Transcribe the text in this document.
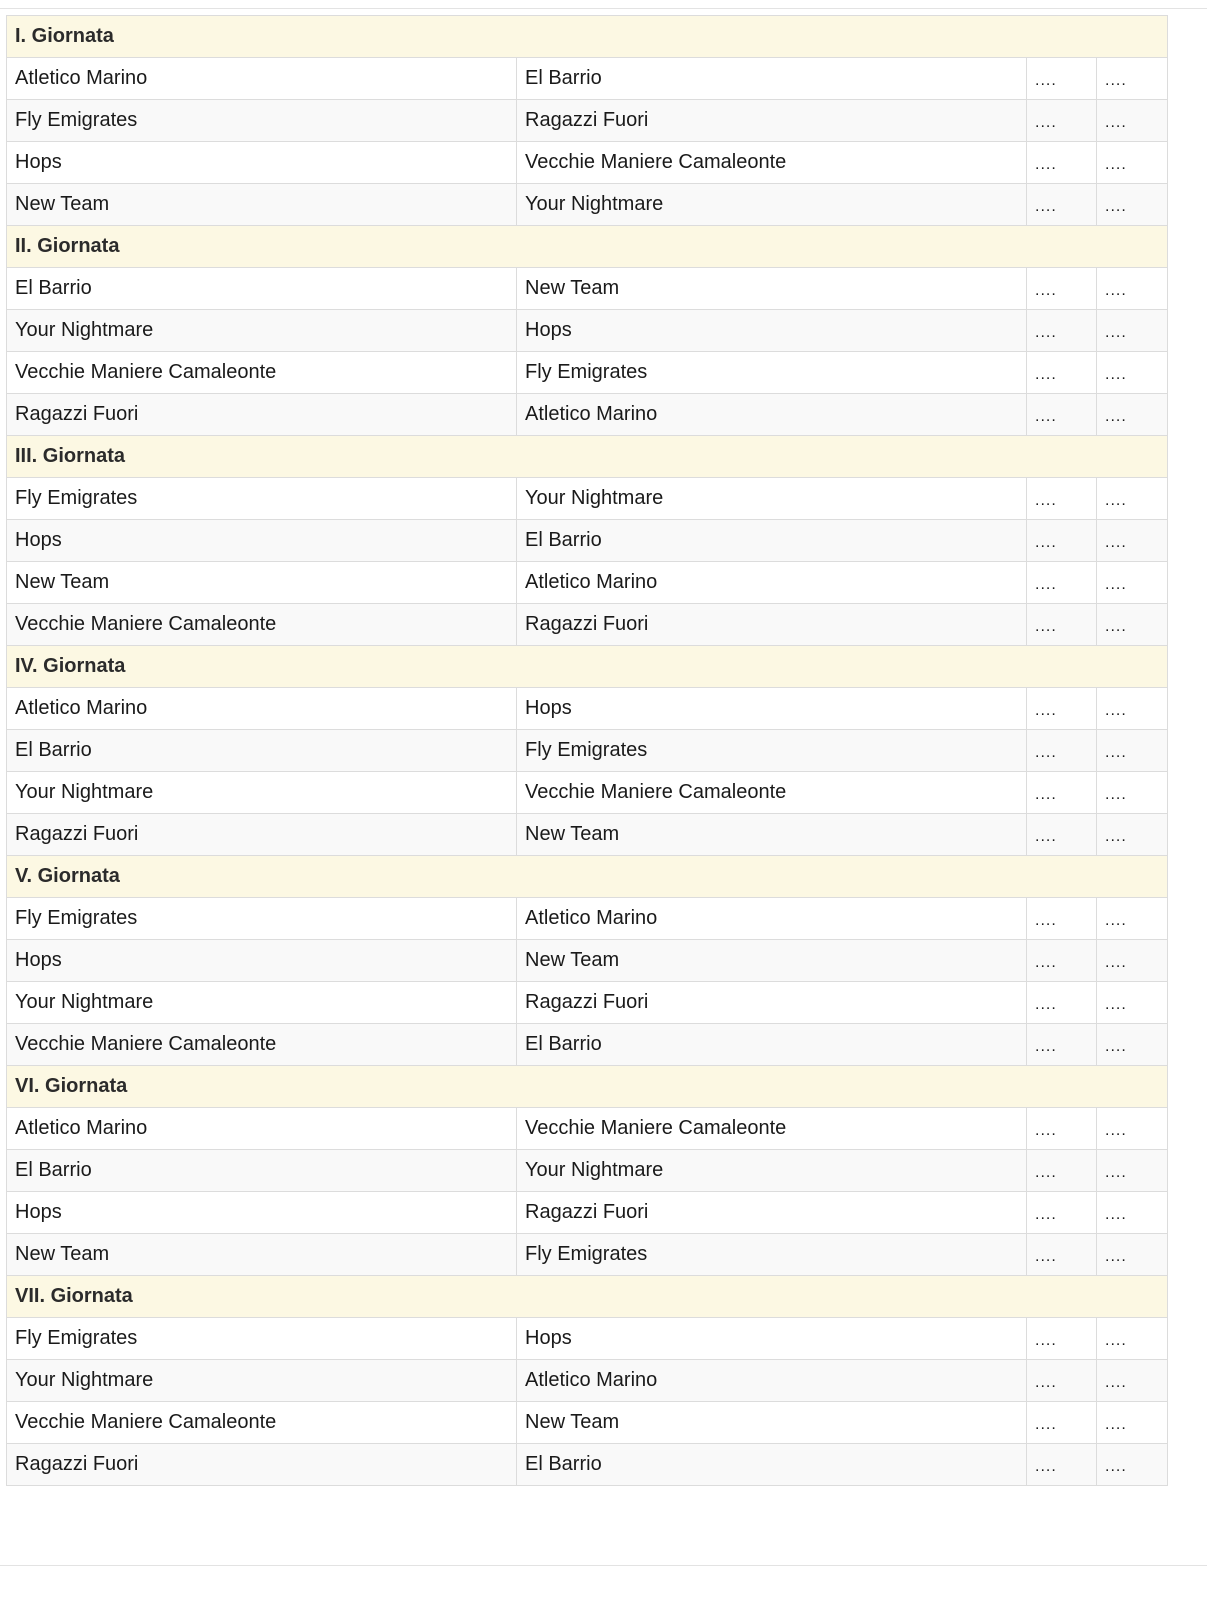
I. Giornata			
Atletico Marino	El Barrio	....	....
Fly Emigrates	Ragazzi Fuori	....	....
Hops	Vecchie Maniere Camaleonte	....	....
New Team	Your Nightmare	....	....
II. Giornata			
El Barrio	New Team	....	....
Your Nightmare	Hops	....	....
Vecchie Maniere Camaleonte	Fly Emigrates	....	....
Ragazzi Fuori	Atletico Marino	....	....
III. Giornata			
Fly Emigrates	Your Nightmare	....	....
Hops	El Barrio	....	....
New Team	Atletico Marino	....	....
Vecchie Maniere Camaleonte	Ragazzi Fuori	....	....
IV. Giornata			
Atletico Marino	Hops	....	....
El Barrio	Fly Emigrates	....	....
Your Nightmare	Vecchie Maniere Camaleonte	....	....
Ragazzi Fuori	New Team	....	....
V. Giornata			
Fly Emigrates	Atletico Marino	....	....
Hops	New Team	....	....
Your Nightmare	Ragazzi Fuori	....	....
Vecchie Maniere Camaleonte	El Barrio	....	....
VI. Giornata			
Atletico Marino	Vecchie Maniere Camaleonte	....	....
El Barrio	Your Nightmare	....	....
Hops	Ragazzi Fuori	....	....
New Team	Fly Emigrates	....	....
VII. Giornata			
Fly Emigrates	Hops	....	....
Your Nightmare	Atletico Marino	....	....
Vecchie Maniere Camaleonte	New Team	....	....
Ragazzi Fuori	El Barrio	....	....
